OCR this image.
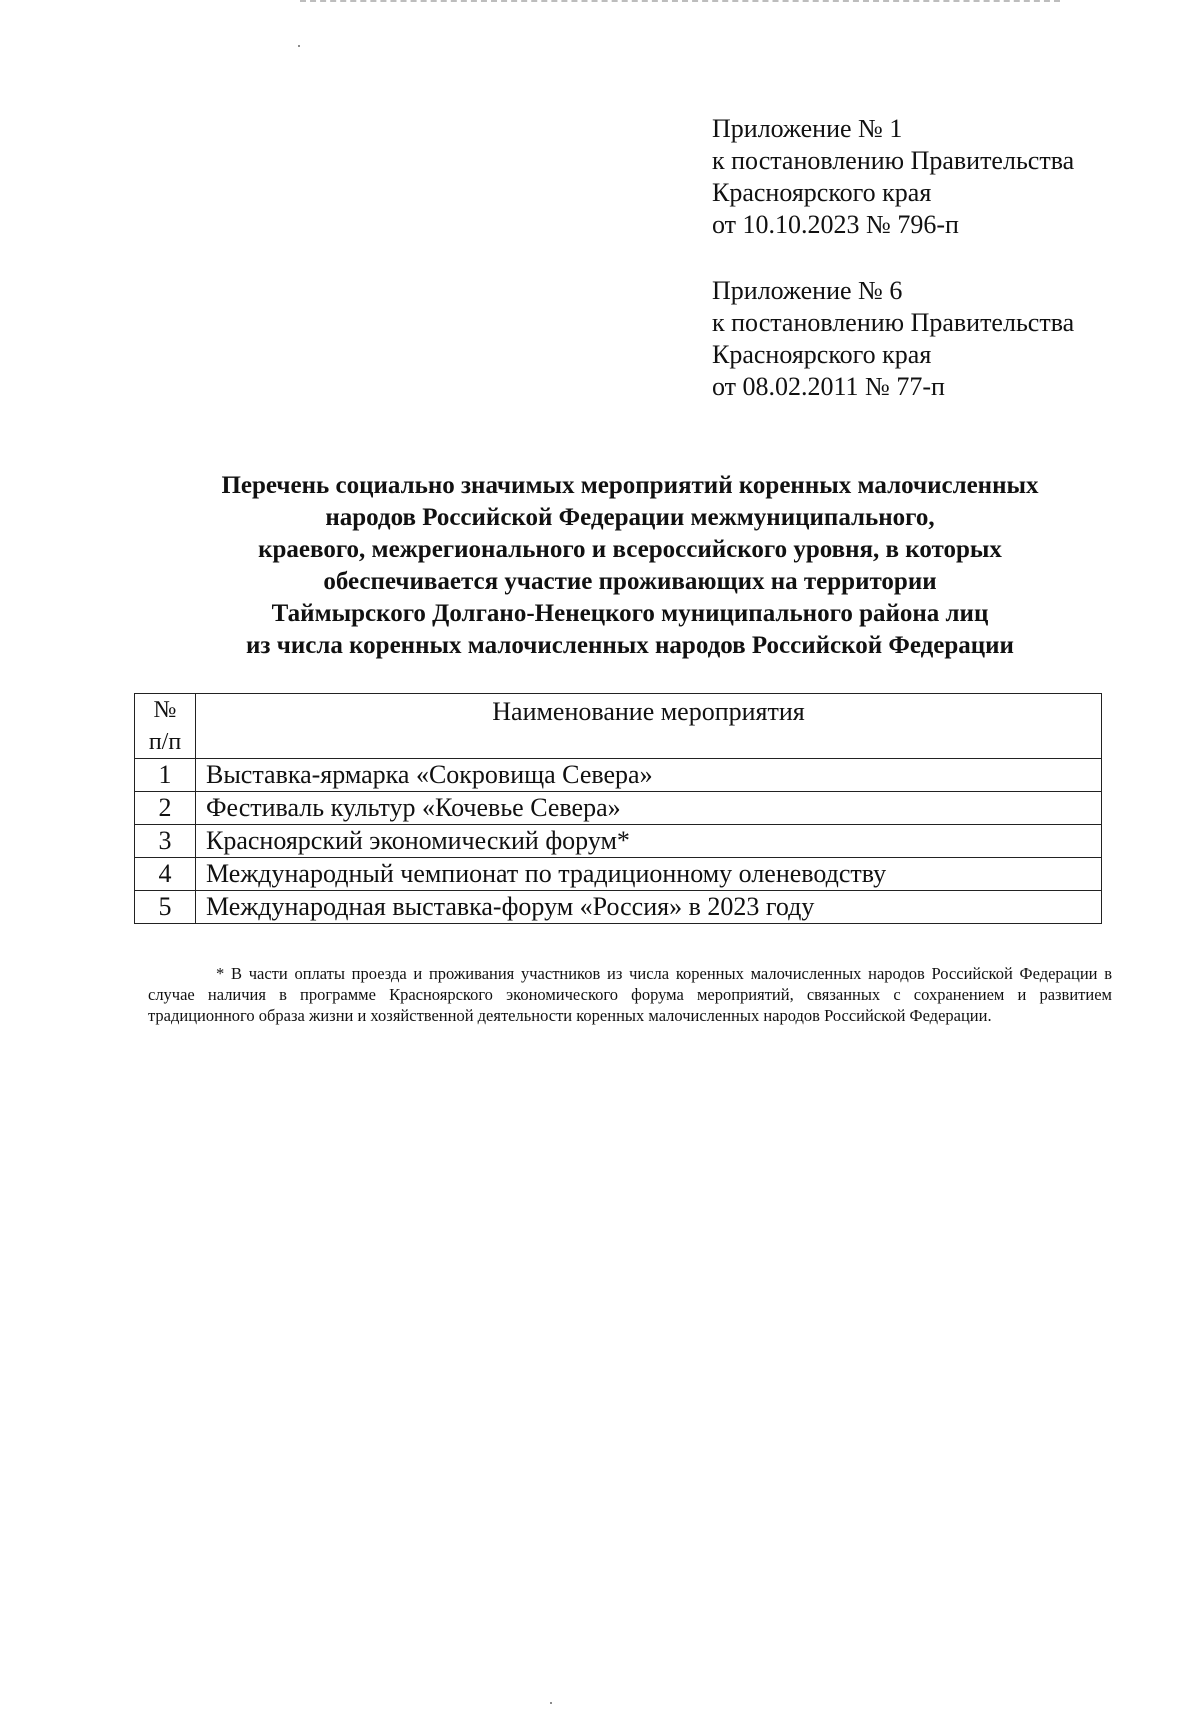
Приложение № 1
к постановлению Правительства
Красноярского края
от 10.10.2023 № 796-п
Приложение № 6
к постановлению Правительства
Красноярского края
от 08.02.2011 № 77-п
Перечень социально значимых мероприятий коренных малочисленных
народов Российской Федерации межмуниципального,
краевого, межрегионального и всероссийского уровня, в которых
обеспечивается участие проживающих на территории
Таймырского Долгано-Ненецкого муниципального района лиц
из числа коренных малочисленных народов Российской Федерации
№
п/п	Наименование мероприятия
1	Выставка-ярмарка «Сокровища Севера»
2	Фестиваль культур «Кочевье Севера»
3	Красноярский экономический форум*
4	Международный чемпионат по традиционному оленеводству
5	Международная выставка-форум «Россия» в 2023 году

* В части оплаты проезда и проживания участников из числа коренных малочисленных народов Российской Федерации в случае наличия в программе Красноярского экономического форума мероприятий, связанных с сохранением и развитием традиционного образа жизни и хозяйственной деятельности коренных малочисленных народов Российской Федерации.
